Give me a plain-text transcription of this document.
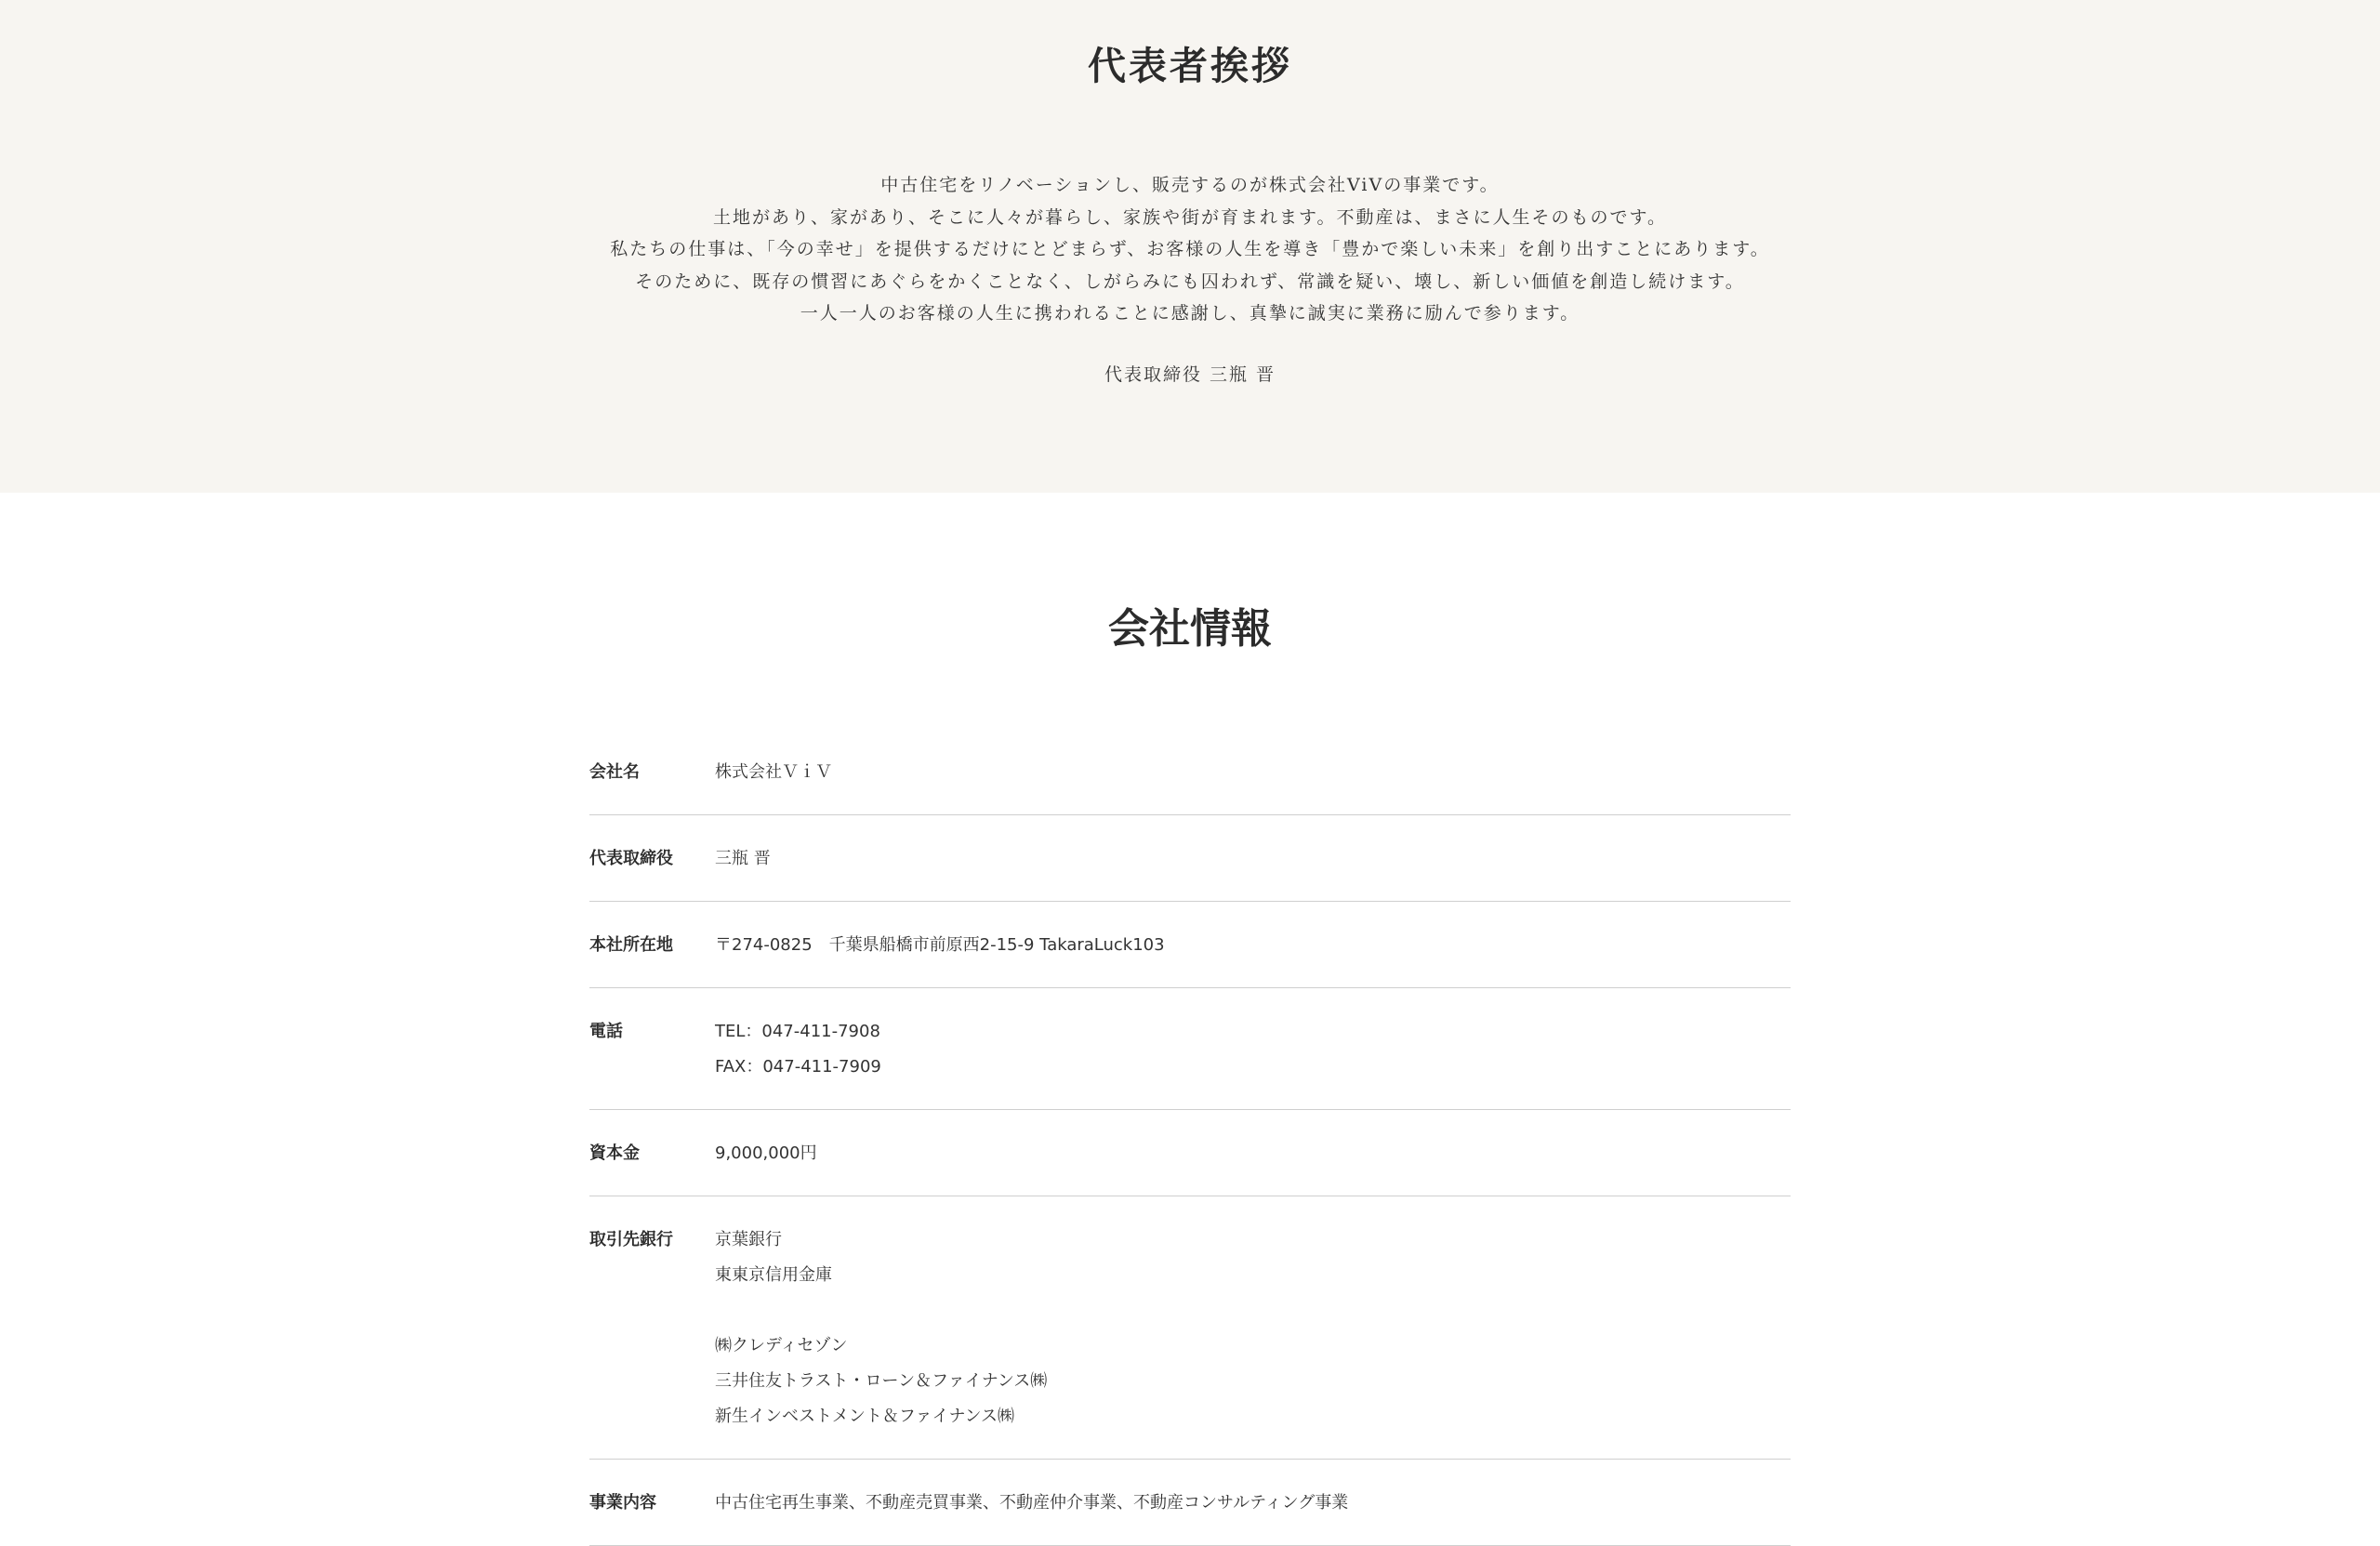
代表者挨拶

中古住宅をリノベーションし、販売するのが株式会社ViVの事業です。

土地があり、家があり、そこに人々が暮らし、家族や街が育まれます。不動産は、まさに人生そのものです。

私たちの仕事は、「今の幸せ」を提供するだけにとどまらず、お客様の人生を導き「豊かで楽しい未来」を創り出すことにあります。

そのために、既存の慣習にあぐらをかくことなく、しがらみにも囚われず、常識を疑い、壊し、新しい価値を創造し続けます。

一人一人のお客様の人生に携われることに感謝し、真摯に誠実に業務に励んで参ります。

代表取締役 三瓶 晋
会社情報
会社名	株式会社ＶｉＶ
代表取締役	三瓶 晋
本社所在地	〒274-0825　千葉県船橋市前原西2-15-9 TakaraLuck103
電話	TEL：047-411-7908
FAX：047-411-7909
資本金	9,000,000円
取引先銀行	京葉銀行
東東京信用金庫
㈱クレディセゾン
三井住友トラスト・ローン＆ファイナンス㈱
新生インベストメント＆ファイナンス㈱
事業内容	中古住宅再生事業、不動産売買事業、不動産仲介事業、不動産コンサルティング事業
